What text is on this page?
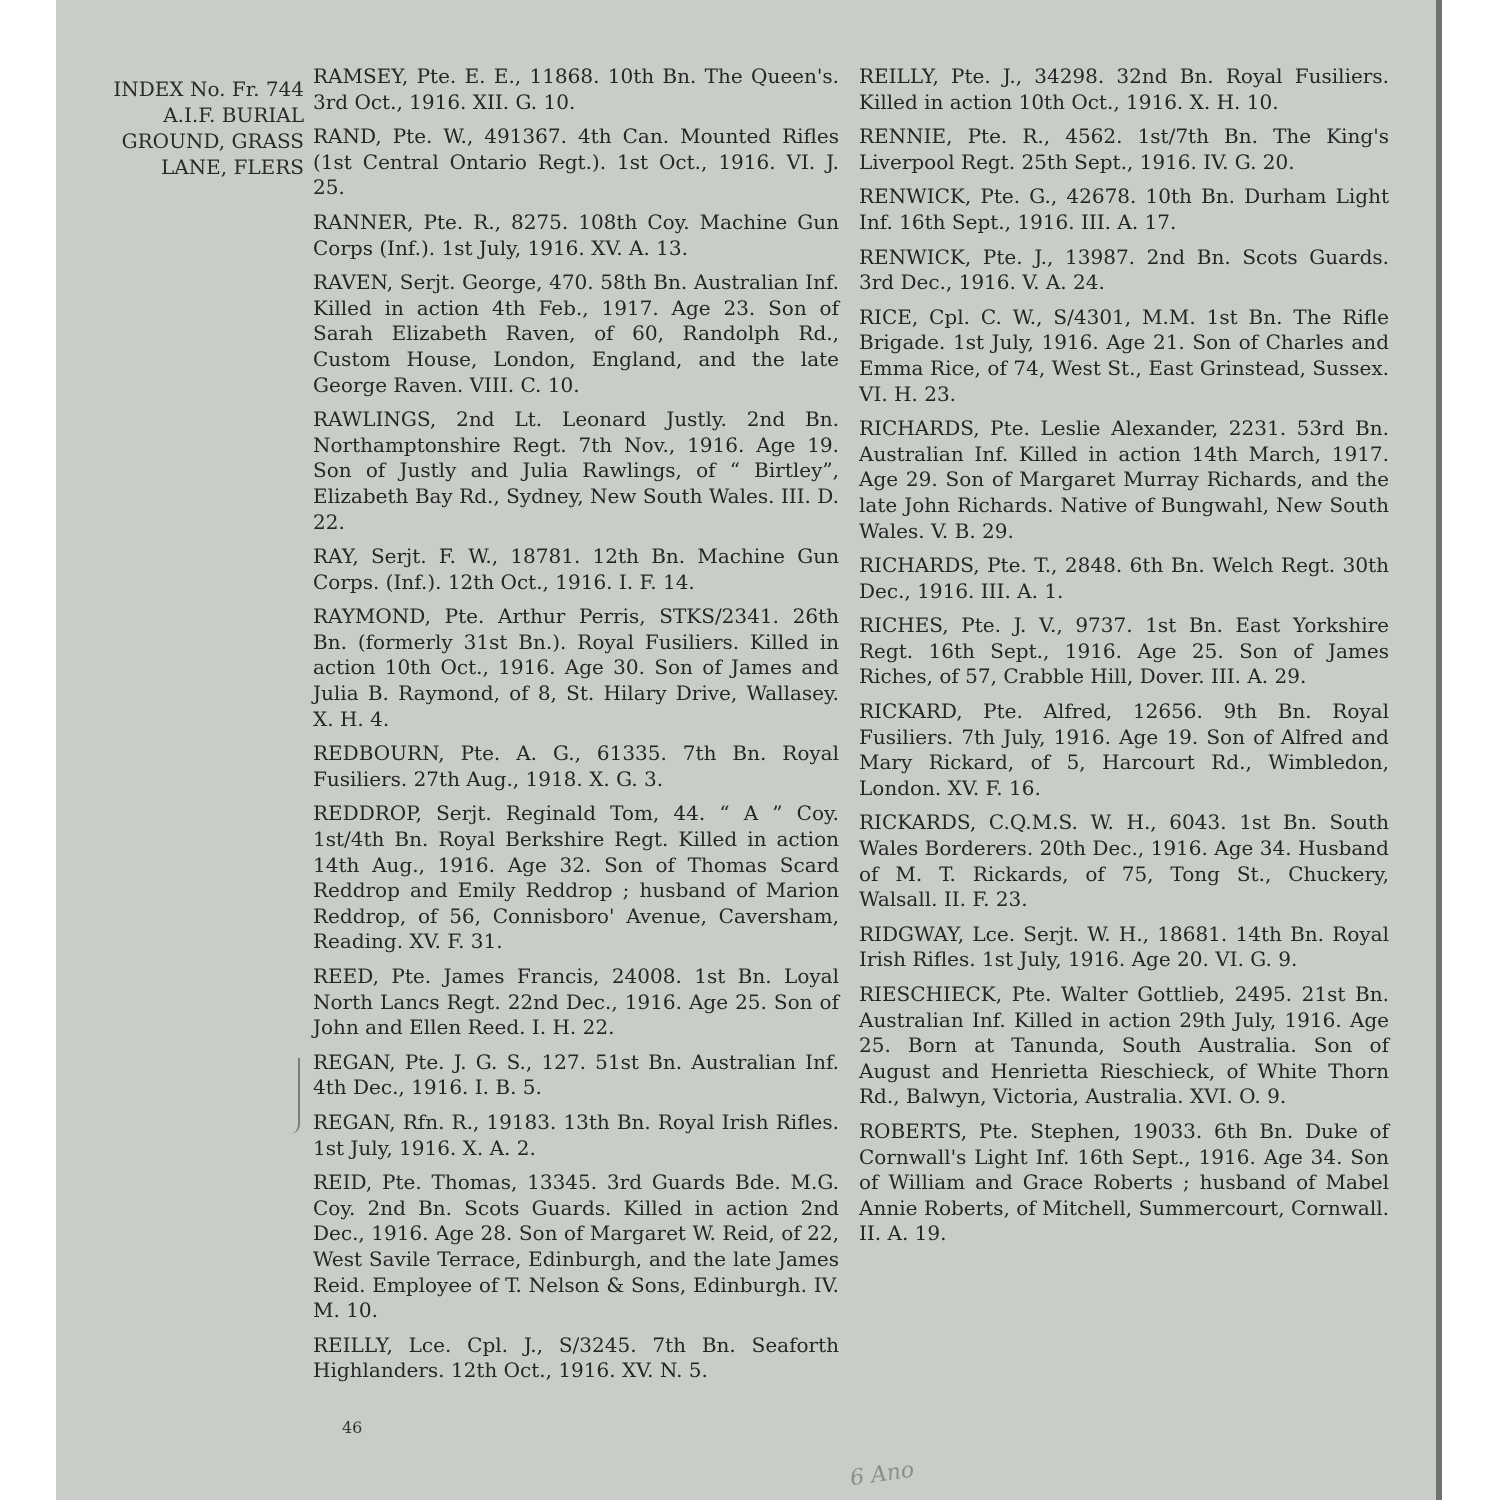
INDEX No. Fr. 744
A.I.F. BURIAL
GROUND, GRASS
LANE, FLERS

RAMSEY, Pte. E. E., 11868. 10th Bn. The Queen's. 3rd Oct., 1916. XII. G. 10.

RAND, Pte. W., 491367. 4th Can. Mounted Rifles (1st Central Ontario Regt.). 1st Oct., 1916. VI. J. 25.

RANNER, Pte. R., 8275. 108th Coy. Machine Gun Corps (Inf.). 1st July, 1916. XV. A. 13.

RAVEN, Serjt. George, 470. 58th Bn. Australian Inf. Killed in action 4th Feb., 1917. Age 23. Son of Sarah Elizabeth Raven, of 60, Randolph Rd., Custom House, London, England, and the late George Raven. VIII. C. 10.

RAWLINGS, 2nd Lt. Leonard Justly. 2nd Bn. Northamptonshire Regt. 7th Nov., 1916. Age 19. Son of Justly and Julia Rawlings, of “ Birtley”, Elizabeth Bay Rd., Sydney, New South Wales. III. D. 22.

RAY, Serjt. F. W., 18781. 12th Bn. Machine Gun Corps. (Inf.). 12th Oct., 1916. I. F. 14.

RAYMOND, Pte. Arthur Perris, STKS/2341. 26th Bn. (formerly 31st Bn.). Royal Fusiliers. Killed in action 10th Oct., 1916. Age 30. Son of James and Julia B. Raymond, of 8, St. Hilary Drive, Wallasey. X. H. 4.

REDBOURN, Pte. A. G., 61335. 7th Bn. Royal Fusiliers. 27th Aug., 1918. X. G. 3.

REDDROP, Serjt. Reginald Tom, 44. “ A ” Coy. 1st/4th Bn. Royal Berkshire Regt. Killed in action 14th Aug., 1916. Age 32. Son of Thomas Scard Reddrop and Emily Reddrop ; husband of Marion Reddrop, of 56, Connisboro' Avenue, Caversham, Reading. XV. F. 31.

REED, Pte. James Francis, 24008. 1st Bn. Loyal North Lancs Regt. 22nd Dec., 1916. Age 25. Son of John and Ellen Reed. I. H. 22.

REGAN, Pte. J. G. S., 127. 51st Bn. Australian Inf. 4th Dec., 1916. I. B. 5.

REGAN, Rfn. R., 19183. 13th Bn. Royal Irish Rifles. 1st July, 1916. X. A. 2.

REID, Pte. Thomas, 13345. 3rd Guards Bde. M.G. Coy. 2nd Bn. Scots Guards. Killed in action 2nd Dec., 1916. Age 28. Son of Margaret W. Reid, of 22, West Savile Terrace, Edinburgh, and the late James Reid. Employee of T. Nelson & Sons, Edinburgh. IV. M. 10.

REILLY, Lce. Cpl. J., S/3245. 7th Bn. Seaforth Highlanders. 12th Oct., 1916. XV. N. 5.

REILLY, Pte. J., 34298. 32nd Bn. Royal Fusiliers. Killed in action 10th Oct., 1916. X. H. 10.

RENNIE, Pte. R., 4562. 1st/7th Bn. The King's Liverpool Regt. 25th Sept., 1916. IV. G. 20.

RENWICK, Pte. G., 42678. 10th Bn. Durham Light Inf. 16th Sept., 1916. III. A. 17.

RENWICK, Pte. J., 13987. 2nd Bn. Scots Guards. 3rd Dec., 1916. V. A. 24.

RICE, Cpl. C. W., S/4301, M.M. 1st Bn. The Rifle Brigade. 1st July, 1916. Age 21. Son of Charles and Emma Rice, of 74, West St., East Grinstead, Sussex. VI. H. 23.

RICHARDS, Pte. Leslie Alexander, 2231. 53rd Bn. Australian Inf. Killed in action 14th March, 1917. Age 29. Son of Margaret Murray Richards, and the late John Richards. Native of Bungwahl, New South Wales. V. B. 29.

RICHARDS, Pte. T., 2848. 6th Bn. Welch Regt. 30th Dec., 1916. III. A. 1.

RICHES, Pte. J. V., 9737. 1st Bn. East Yorkshire Regt. 16th Sept., 1916. Age 25. Son of James Riches, of 57, Crabble Hill, Dover. III. A. 29.

RICKARD, Pte. Alfred, 12656. 9th Bn. Royal Fusiliers. 7th July, 1916. Age 19. Son of Alfred and Mary Rickard, of 5, Harcourt Rd., Wimbledon, London. XV. F. 16.

RICKARDS, C.Q.M.S. W. H., 6043. 1st Bn. South Wales Borderers. 20th Dec., 1916. Age 34. Husband of M. T. Rickards, of 75, Tong St., Chuckery, Walsall. II. F. 23.

RIDGWAY, Lce. Serjt. W. H., 18681. 14th Bn. Royal Irish Rifles. 1st July, 1916. Age 20. VI. G. 9.

RIESCHIECK, Pte. Walter Gottlieb, 2495. 21st Bn. Australian Inf. Killed in action 29th July, 1916. Age 25. Born at Tanunda, South Australia. Son of August and Henrietta Rieschieck, of White Thorn Rd., Balwyn, Victoria, Australia. XVI. O. 9.

ROBERTS, Pte. Stephen, 19033. 6th Bn. Duke of Cornwall's Light Inf. 16th Sept., 1916. Age 34. Son of William and Grace Roberts ; husband of Mabel Annie Roberts, of Mitchell, Summercourt, Cornwall. II. A. 19.

46
6 Ano
